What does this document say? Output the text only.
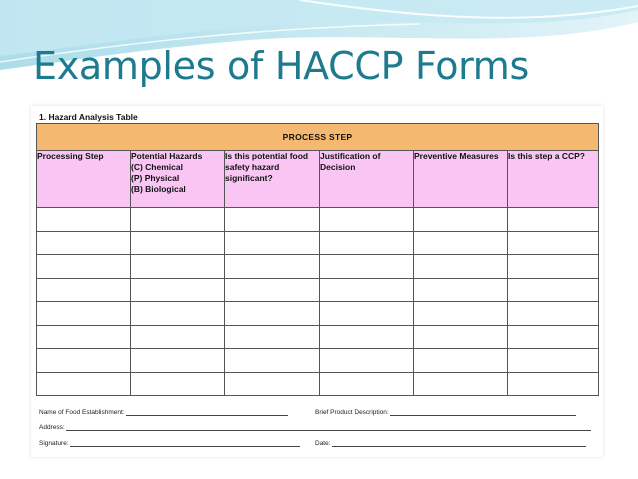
Examples of HACCP Forms
1. Hazard Analysis Table
PROCESS STEP					

Processing Step	Potential Hazards
(C) Chemical
(P) Physical
(B) Biological	Is this potential food
safety hazard
significant?	Justification of
Decision	Preventive Measures	Is this step a CCP?

Name of Food Establishment:	Brief Product Description:
Address:
Signature:	Date:
